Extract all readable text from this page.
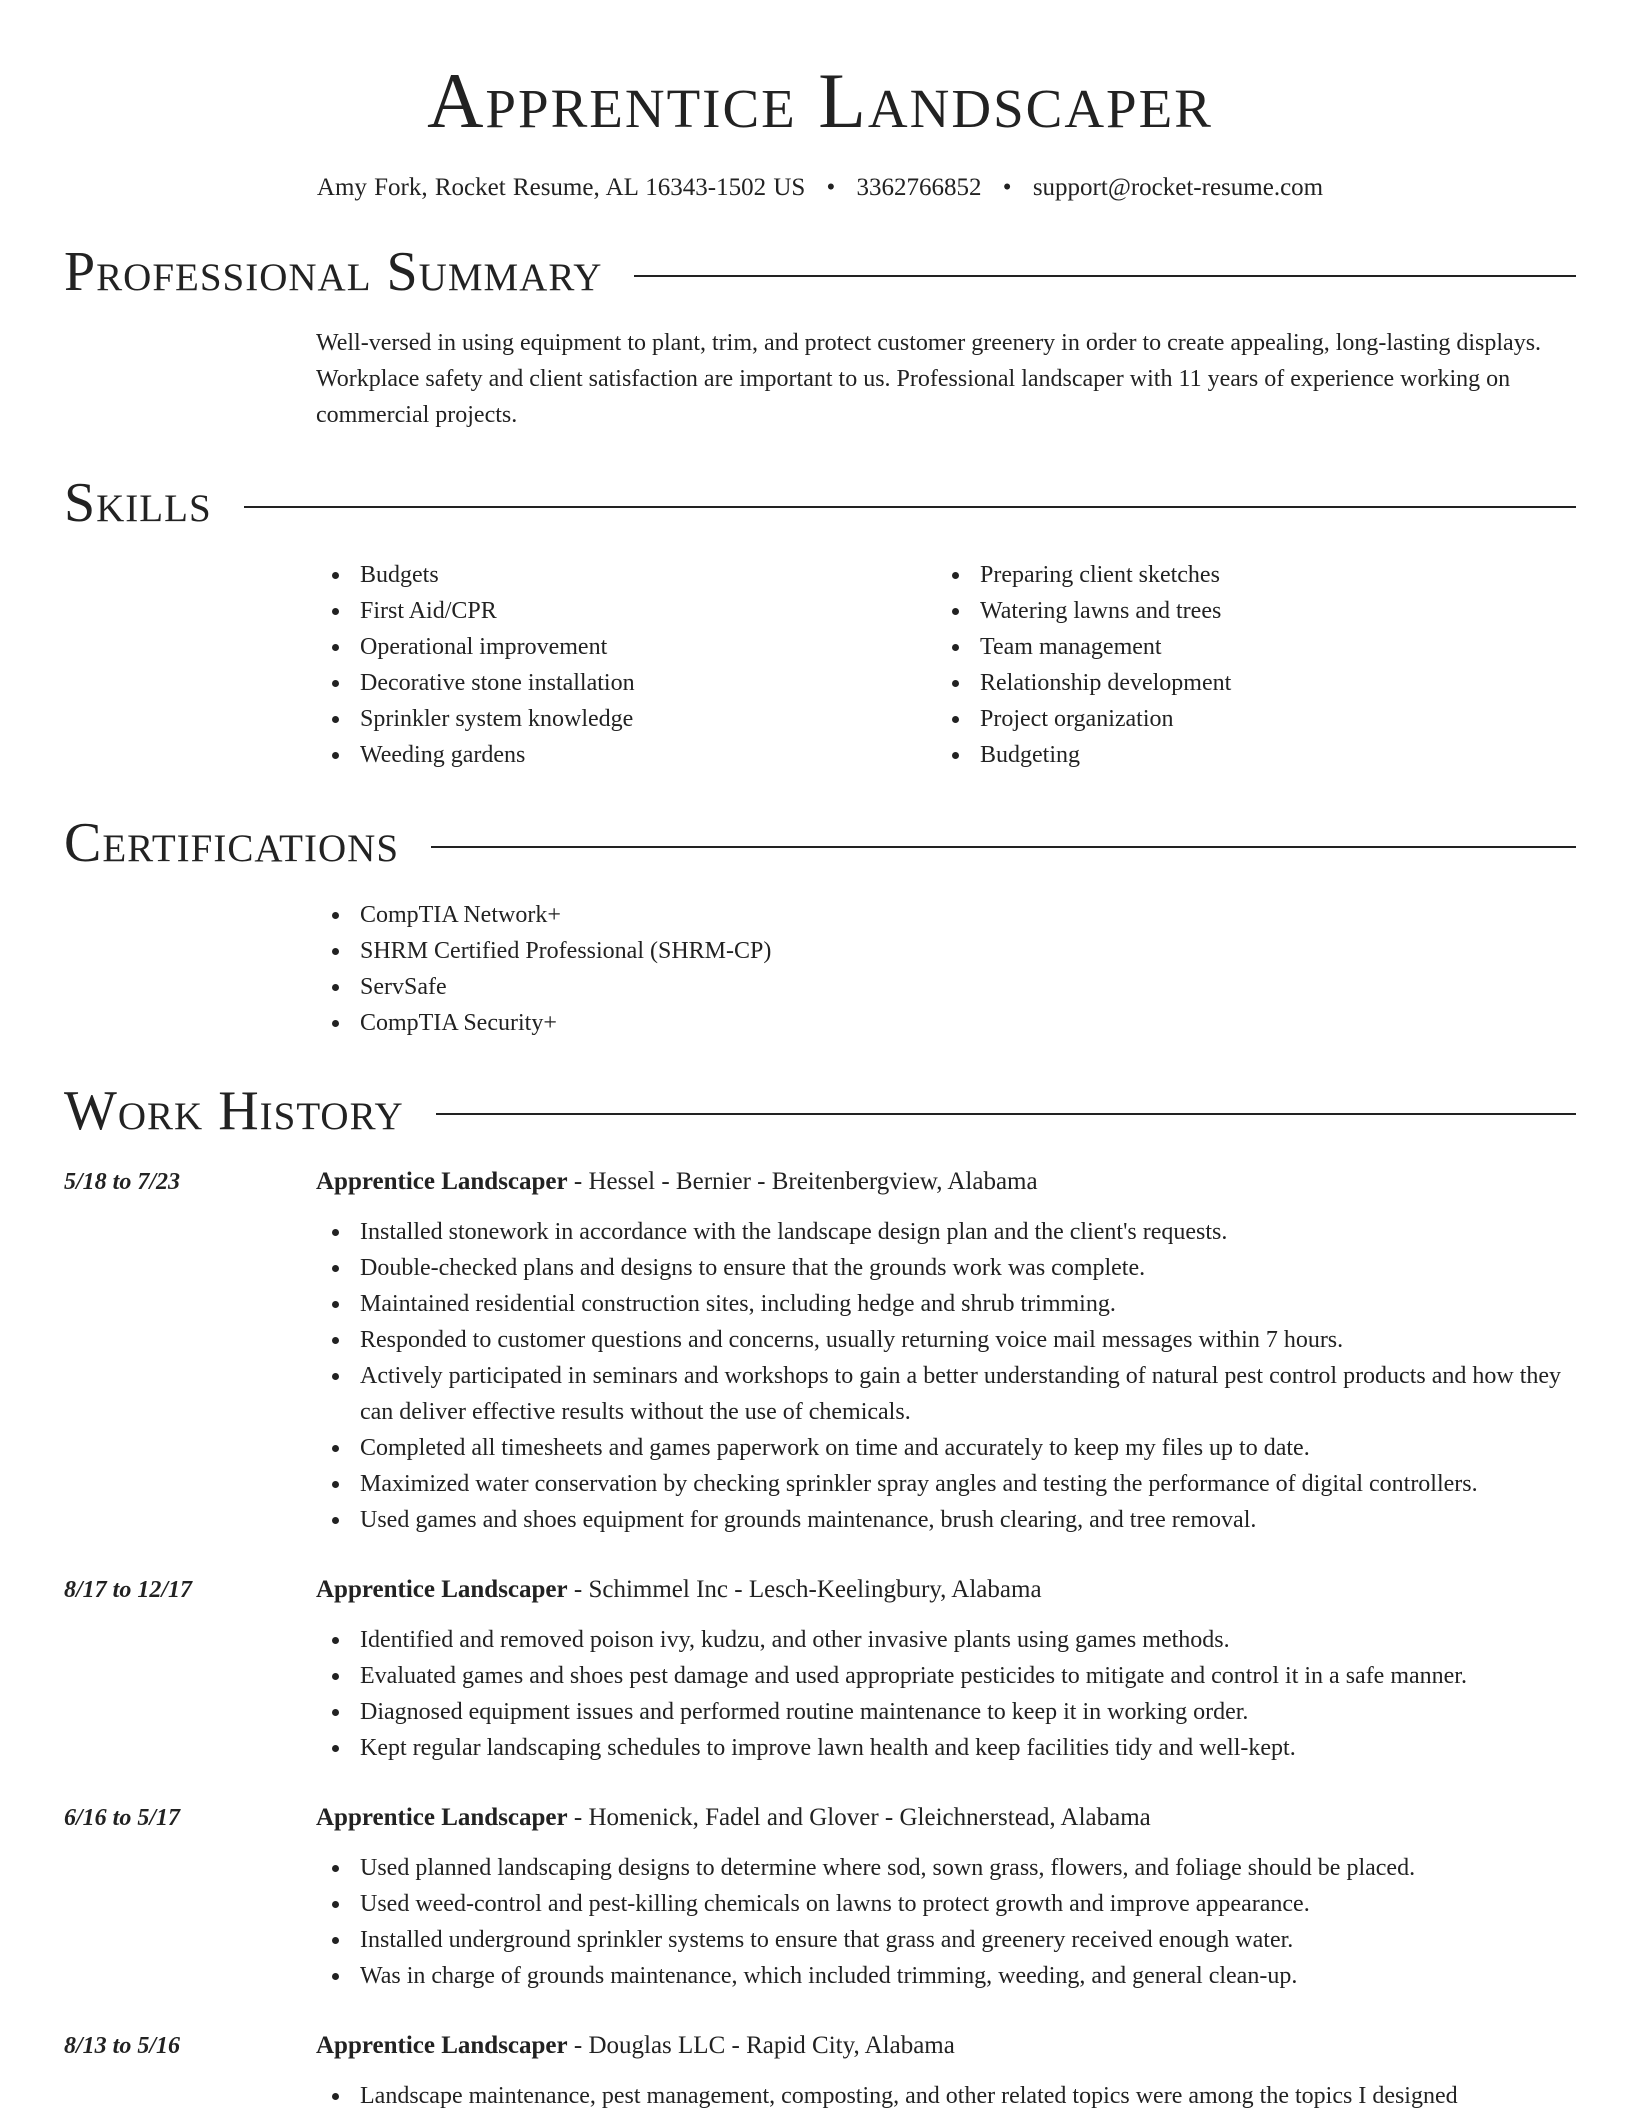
Apprentice Landscaper
Amy Fork, Rocket Resume, AL 16343-1502 US • 3362766852 • support@rocket-resume.com
Professional Summary
Well-versed in using equipment to plant, trim, and protect customer greenery in order to create appealing, long-lasting displays. Workplace safety and client satisfaction are important to us. Professional landscaper with 11 years of experience working on commercial projects.
Skills
Budgets
First Aid/CPR
Operational improvement
Decorative stone installation
Sprinkler system knowledge
Weeding gardens
Preparing client sketches
Watering lawns and trees
Team management
Relationship development
Project organization
Budgeting
Certifications
CompTIA Network+
SHRM Certified Professional (SHRM-CP)
ServSafe
CompTIA Security+
Work History
5/18 to 7/23	Apprentice Landscaper - Hessel - Bernier - Breitenbergview, Alabama
Installed stonework in accordance with the landscape design plan and the client's requests.
Double-checked plans and designs to ensure that the grounds work was complete.
Maintained residential construction sites, including hedge and shrub trimming.
Responded to customer questions and concerns, usually returning voice mail messages within 7 hours.
Actively participated in seminars and workshops to gain a better understanding of natural pest control products and how they can deliver effective results without the use of chemicals.
Completed all timesheets and games paperwork on time and accurately to keep my files up to date.
Maximized water conservation by checking sprinkler spray angles and testing the performance of digital controllers.
Used games and shoes equipment for grounds maintenance, brush clearing, and tree removal.
8/17 to 12/17	Apprentice Landscaper - Schimmel Inc - Lesch-Keelingbury, Alabama
Identified and removed poison ivy, kudzu, and other invasive plants using games methods.
Evaluated games and shoes pest damage and used appropriate pesticides to mitigate and control it in a safe manner.
Diagnosed equipment issues and performed routine maintenance to keep it in working order.
Kept regular landscaping schedules to improve lawn health and keep facilities tidy and well-kept.
6/16 to 5/17	Apprentice Landscaper - Homenick, Fadel and Glover - Gleichnerstead, Alabama
Used planned landscaping designs to determine where sod, sown grass, flowers, and foliage should be placed.
Used weed-control and pest-killing chemicals on lawns to protect growth and improve appearance.
Installed underground sprinkler systems to ensure that grass and greenery received enough water.
Was in charge of grounds maintenance, which included trimming, weeding, and general clean-up.
8/13 to 5/16	Apprentice Landscaper - Douglas LLC - Rapid City, Alabama
Landscape maintenance, pest management, composting, and other related topics were among the topics I designed
